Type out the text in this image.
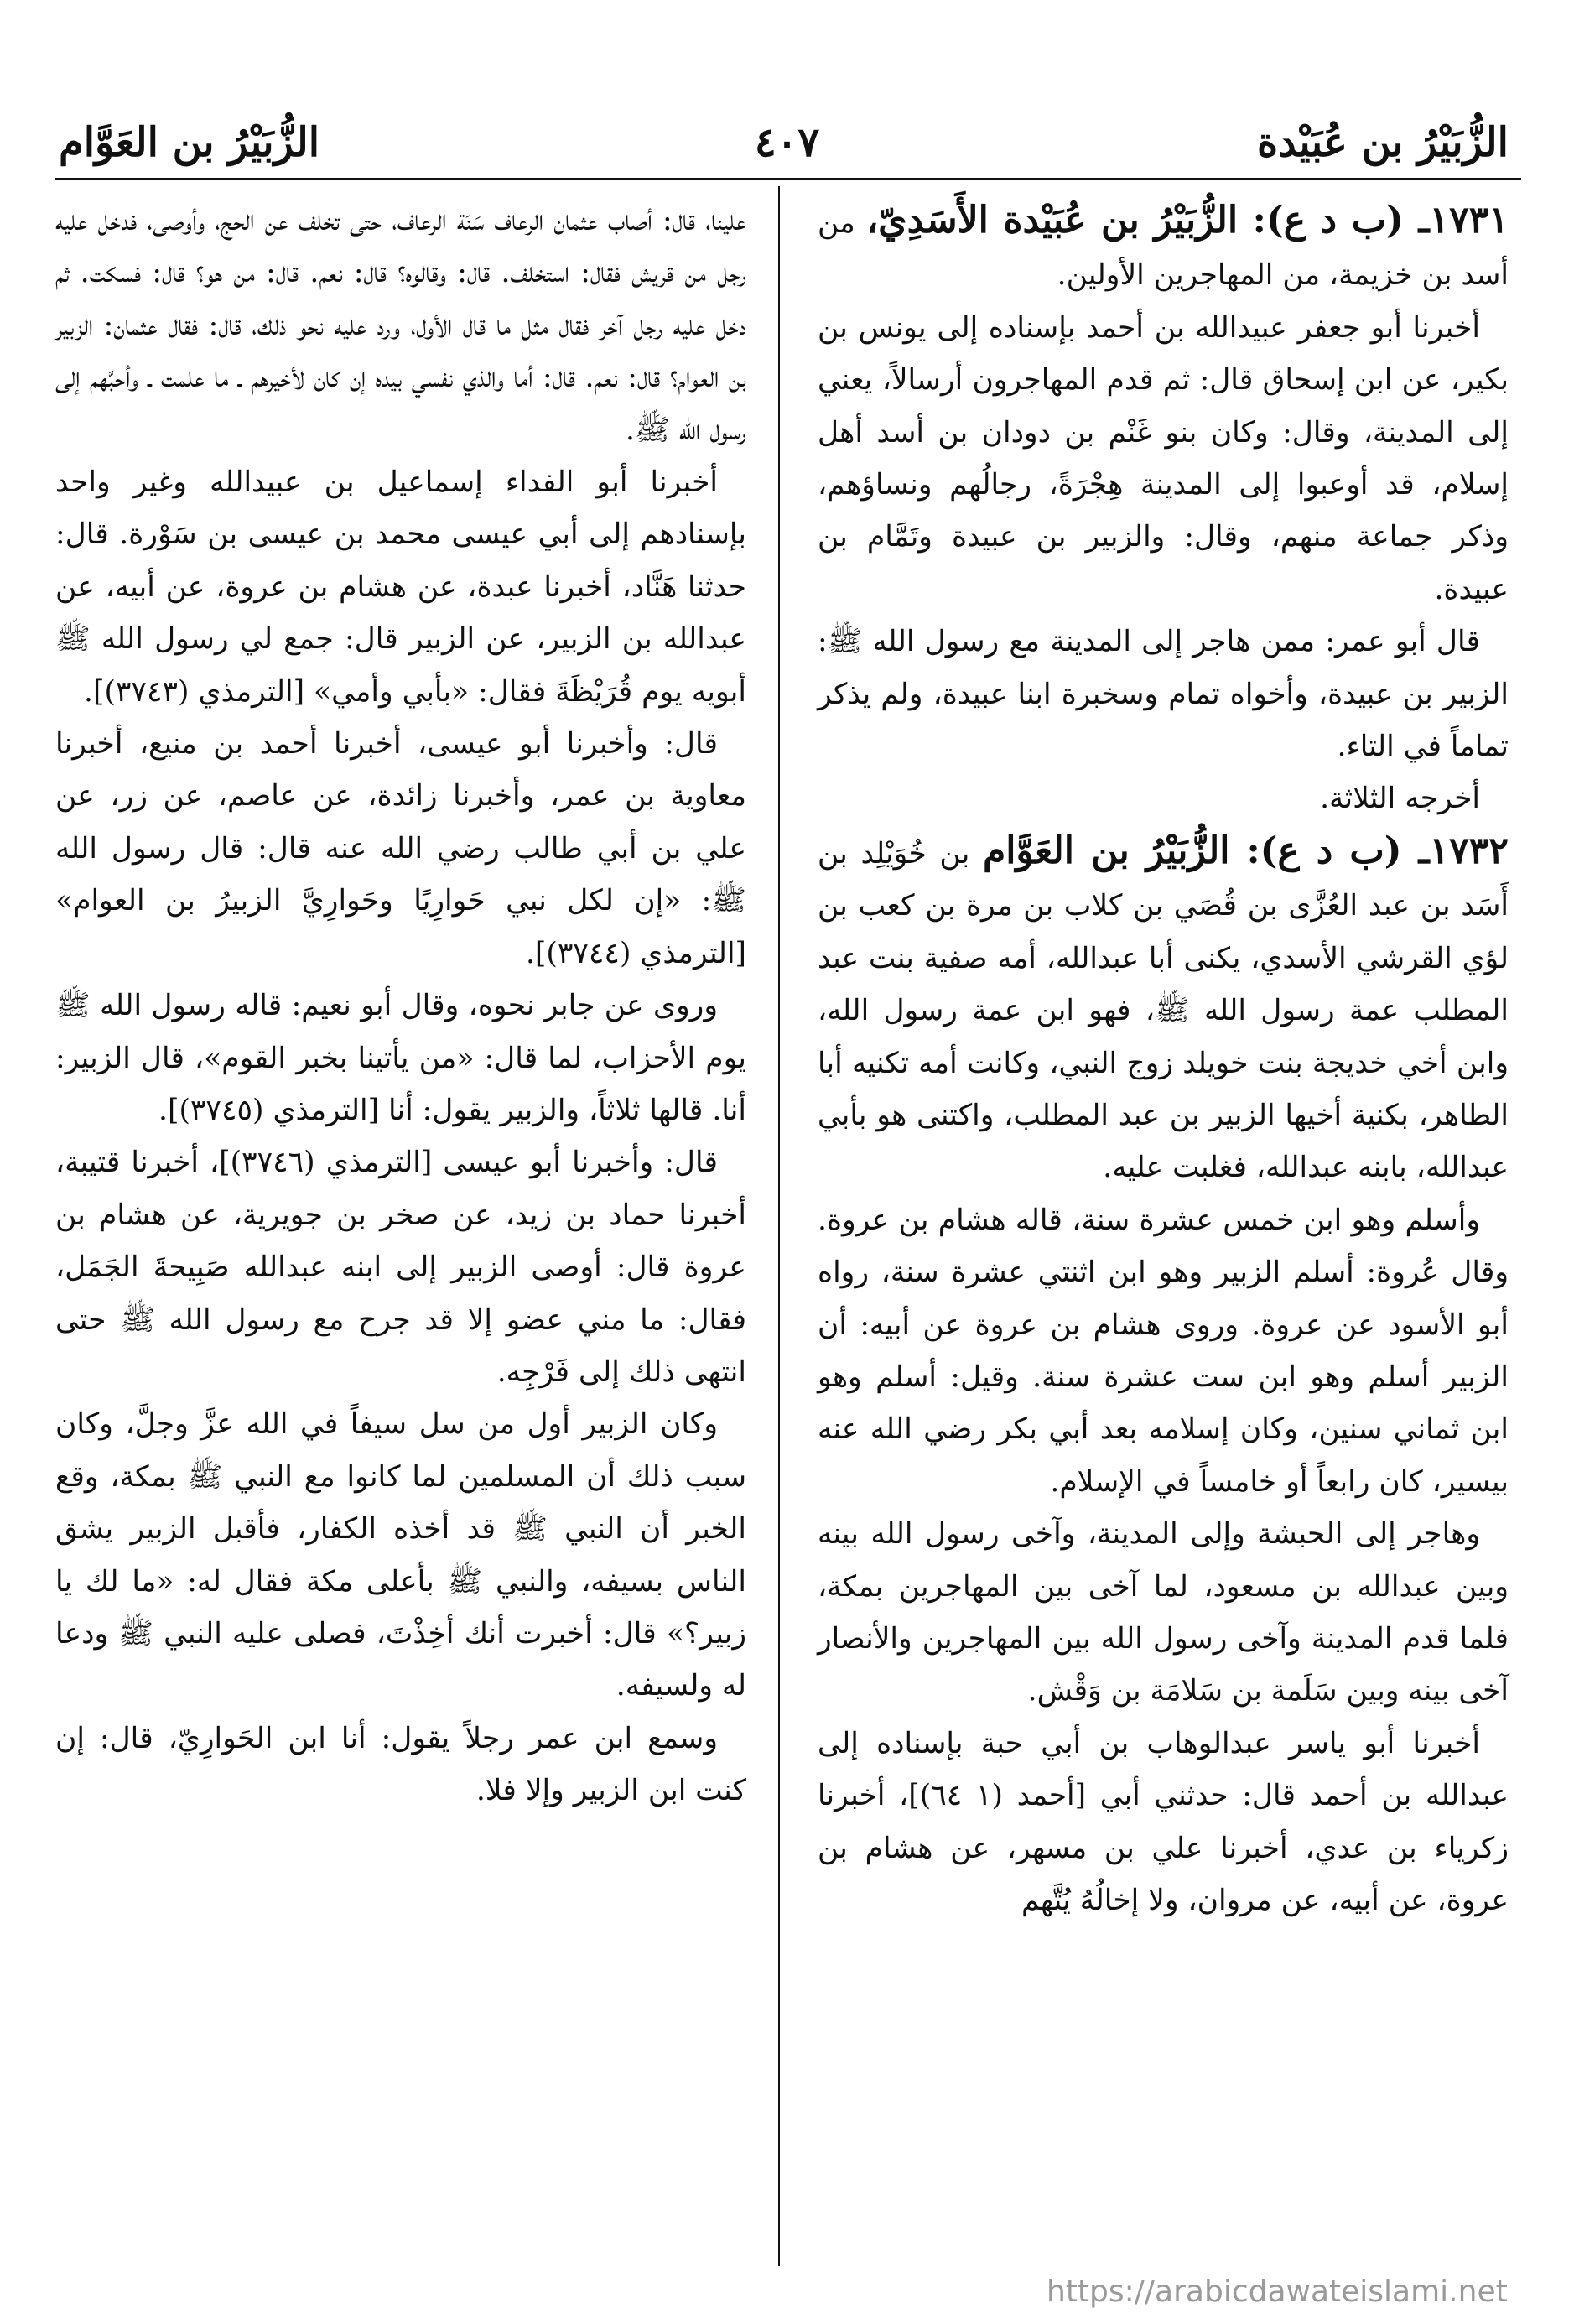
الزُّبَيْرُ بن عُبَيْدة
٤٠٧
الزُّبَيْرُ بن العَوَّام

١٧٣١ـ (ب د ع): الزُّبَيْرُ بن عُبَيْدة الأَسَدِيّ، من أسد بن خزيمة، من المهاجرين الأولين.

أخبرنا أبو جعفر عبيدالله بن أحمد بإسناده إلى يونس بن بكير، عن ابن إسحاق قال: ثم قدم المهاجرون أرسالاً، يعني إلى المدينة، وقال: وكان بنو غَنْم بن دودان بن أسد أهل إسلام، قد أوعبوا إلى المدينة هِجْرَةً، رجالُهم ونساؤهم، وذكر جماعة منهم، وقال: والزبير بن عبيدة وتَمَّام بن عبيدة.

قال أبو عمر: ممن هاجر إلى المدينة مع رسول الله ﷺ: الزبير بن عبيدة، وأخواه تمام وسخبرة ابنا عبيدة، ولم يذكر تماماً في التاء.

أخرجه الثلاثة.

١٧٣٢ـ (ب د ع): الزُّبَيْرُ بن العَوَّام بن خُوَيْلِد بن أَسَد بن عبد العُزَّى بن قُصَي بن كلاب بن مرة بن كعب بن لؤي القرشي الأسدي، يكنى أبا عبدالله، أمه صفية بنت عبد المطلب عمة رسول الله ﷺ، فهو ابن عمة رسول الله، وابن أخي خديجة بنت خويلد زوج النبي، وكانت أمه تكنيه أبا الطاهر، بكنية أخيها الزبير بن عبد المطلب، واكتنى هو بأبي عبدالله، بابنه عبدالله، فغلبت عليه.

وأسلم وهو ابن خمس عشرة سنة، قاله هشام بن عروة. وقال عُروة: أسلم الزبير وهو ابن اثنتي عشرة سنة، رواه أبو الأسود عن عروة. وروى هشام بن عروة عن أبيه: أن الزبير أسلم وهو ابن ست عشرة سنة. وقيل: أسلم وهو ابن ثماني سنين، وكان إسلامه بعد أبي بكر رضي الله عنه بيسير، كان رابعاً أو خامساً في الإسلام.

وهاجر إلى الحبشة وإلى المدينة، وآخى رسول الله بينه وبين عبدالله بن مسعود، لما آخى بين المهاجرين بمكة، فلما قدم المدينة وآخى رسول الله بين المهاجرين والأنصار آخى بينه وبين سَلَمة بن سَلامَة بن وَقْش.

أخبرنا أبو ياسر عبدالوهاب بن أبي حبة بإسناده إلى عبدالله بن أحمد قال: حدثني أبي [أحمد (١ ٦٤)]، أخبرنا زكرياء بن عدي، أخبرنا علي بن مسهر، عن هشام بن عروة، عن أبيه، عن مروان، ولا إخالُهُ يُتَّهم

علينا، قال: أصاب عثمان الرعاف سَنَة الرعاف، حتى تخلف عن الحج، وأوصى، فدخل عليه رجل من قريش فقال: استخلف. قال: وقالوه؟ قال: نعم. قال: من هو؟ قال: فسكت. ثم دخل عليه رجل آخر فقال مثل ما قال الأول، ورد عليه نحو ذلك، قال: فقال عثمان: الزبير بن العوام؟ قال: نعم. قال: أما والذي نفسي بيده إن كان لأخيرهم ـ ما علمت ـ وأحبَّهم إلى رسول الله ﷺ.

أخبرنا أبو الفداء إسماعيل بن عبيدالله وغير واحد بإسنادهم إلى أبي عيسى محمد بن عيسى بن سَوْرة. قال: حدثنا هَنَّاد، أخبرنا عبدة، عن هشام بن عروة، عن أبيه، عن عبدالله بن الزبير، عن الزبير قال: جمع لي رسول الله ﷺ أبويه يوم قُرَيْظَةَ فقال: «بأبي وأمي» [الترمذي (٣٧٤٣)].

قال: وأخبرنا أبو عيسى، أخبرنا أحمد بن منيع، أخبرنا معاوية بن عمر، وأخبرنا زائدة، عن عاصم، عن زر، عن علي بن أبي طالب رضي الله عنه قال: قال رسول الله ﷺ: «إن لكل نبي حَوارِيًا وحَوارِيَّ الزبيرُ بن العوام» [الترمذي (٣٧٤٤)].

وروى عن جابر نحوه، وقال أبو نعيم: قاله رسول الله ﷺ يوم الأحزاب، لما قال: «من يأتينا بخبر القوم»، قال الزبير: أنا. قالها ثلاثاً، والزبير يقول: أنا [الترمذي (٣٧٤٥)].

قال: وأخبرنا أبو عيسى [الترمذي (٣٧٤٦)]، أخبرنا قتيبة، أخبرنا حماد بن زيد، عن صخر بن جويرية، عن هشام بن عروة قال: أوصى الزبير إلى ابنه عبدالله صَبِيحةَ الجَمَل، فقال: ما مني عضو إلا قد جرح مع رسول الله ﷺ حتى انتهى ذلك إلى فَرْجِه.

وكان الزبير أول من سل سيفاً في الله عزَّ وجلَّ، وكان سبب ذلك أن المسلمين لما كانوا مع النبي ﷺ بمكة، وقع الخبر أن النبي ﷺ قد أخذه الكفار، فأقبل الزبير يشق الناس بسيفه، والنبي ﷺ بأعلى مكة فقال له: «ما لك يا زبير؟» قال: أخبرت أنك أخِذْتَ، فصلى عليه النبي ﷺ ودعا له ولسيفه.

وسمع ابن عمر رجلاً يقول: أنا ابن الحَوارِيّ، قال: إن كنت ابن الزبير وإلا فلا.

https://arabicdawateislami.net
